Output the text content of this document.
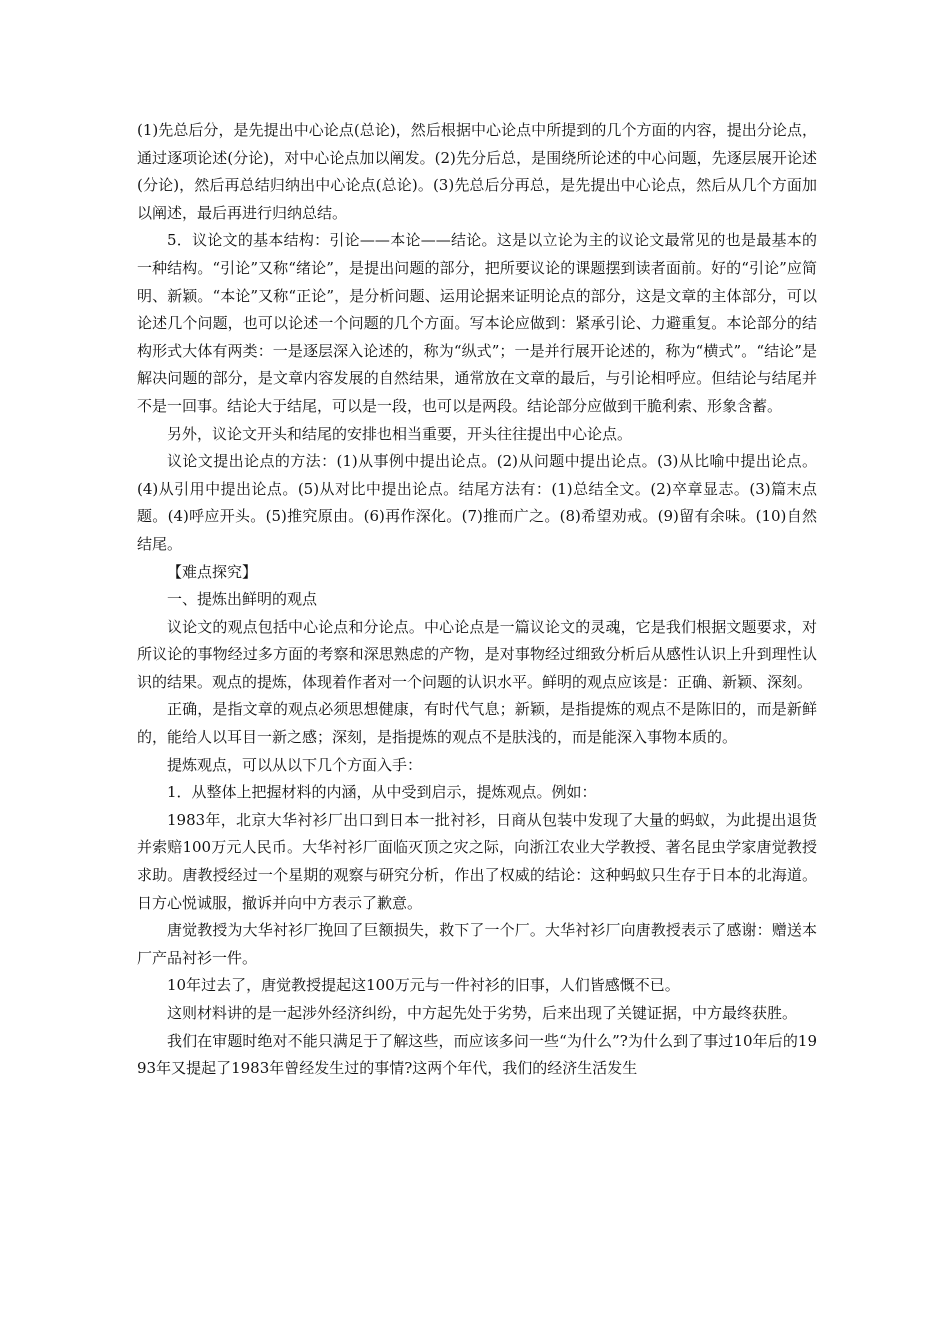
(1)先总后分，是先提出中心论点(总论)，然后根据中心论点中所提到的几个方面的内容，提出分论点，通过逐项论述(分论)，对中心论点加以阐发。(2)先分后总，是围绕所论述的中心问题，先逐层展开论述(分论)，然后再总结归纳出中心论点(总论)。(3)先总后分再总，是先提出中心论点，然后从几个方面加以阐述，最后再进行归纳总结。

5．议论文的基本结构：引论——本论——结论。这是以立论为主的议论文最常见的也是最基本的一种结构。“引论”又称“绪论”，是提出问题的部分，把所要议论的课题摆到读者面前。好的“引论”应简明、新颖。“本论”又称“正论”，是分析问题、运用论据来证明论点的部分，这是文章的主体部分，可以论述几个问题，也可以论述一个问题的几个方面。写本论应做到：紧承引论、力避重复。本论部分的结构形式大体有两类：一是逐层深入论述的，称为“纵式”；一是并行展开论述的，称为“横式”。“结论”是解决问题的部分，是文章内容发展的自然结果，通常放在文章的最后，与引论相呼应。但结论与结尾并不是一回事。结论大于结尾，可以是一段，也可以是两段。结论部分应做到干脆利索、形象含蓄。

另外，议论文开头和结尾的安排也相当重要，开头往往提出中心论点。

议论文提出论点的方法：(1)从事例中提出论点。(2)从问题中提出论点。(3)从比喻中提出论点。(4)从引用中提出论点。(5)从对比中提出论点。结尾方法有：(1)总结全文。(2)卒章显志。(3)篇末点题。(4)呼应开头。(5)推究原由。(6)再作深化。(7)推而广之。(8)希望劝戒。(9)留有余味。(10)自然结尾。

【难点探究】

一、提炼出鲜明的观点

议论文的观点包括中心论点和分论点。中心论点是一篇议论文的灵魂，它是我们根据文题要求，对所议论的事物经过多方面的考察和深思熟虑的产物，是对事物经过细致分析后从感性认识上升到理性认识的结果。观点的提炼，体现着作者对一个问题的认识水平。鲜明的观点应该是：正确、新颖、深刻。

正确，是指文章的观点必须思想健康，有时代气息；新颖，是指提炼的观点不是陈旧的，而是新鲜的，能给人以耳目一新之感；深刻，是指提炼的观点不是肤浅的，而是能深入事物本质的。

提炼观点，可以从以下几个方面入手：

1．从整体上把握材料的内涵，从中受到启示，提炼观点。例如：

1983年，北京大华衬衫厂出口到日本一批衬衫，日商从包装中发现了大量的蚂蚁，为此提出退货并索赔100万元人民币。大华衬衫厂面临灭顶之灾之际，向浙江农业大学教授、著名昆虫学家唐觉教授求助。唐教授经过一个星期的观察与研究分析，作出了权威的结论：这种蚂蚁只生存于日本的北海道。日方心悦诚服，撤诉并向中方表示了歉意。

唐觉教授为大华衬衫厂挽回了巨额损失，救下了一个厂。大华衬衫厂向唐教授表示了感谢：赠送本厂产品衬衫一件。

10年过去了，唐觉教授提起这100万元与一件衬衫的旧事，人们皆感慨不已。

这则材料讲的是一起涉外经济纠纷，中方起先处于劣势，后来出现了关键证据，中方最终获胜。

我们在审题时绝对不能只满足于了解这些，而应该多问一些“为什么”?为什么到了事过10年后的1993年又提起了1983年曾经发生过的事情?这两个年代，我们的经济生活发生
